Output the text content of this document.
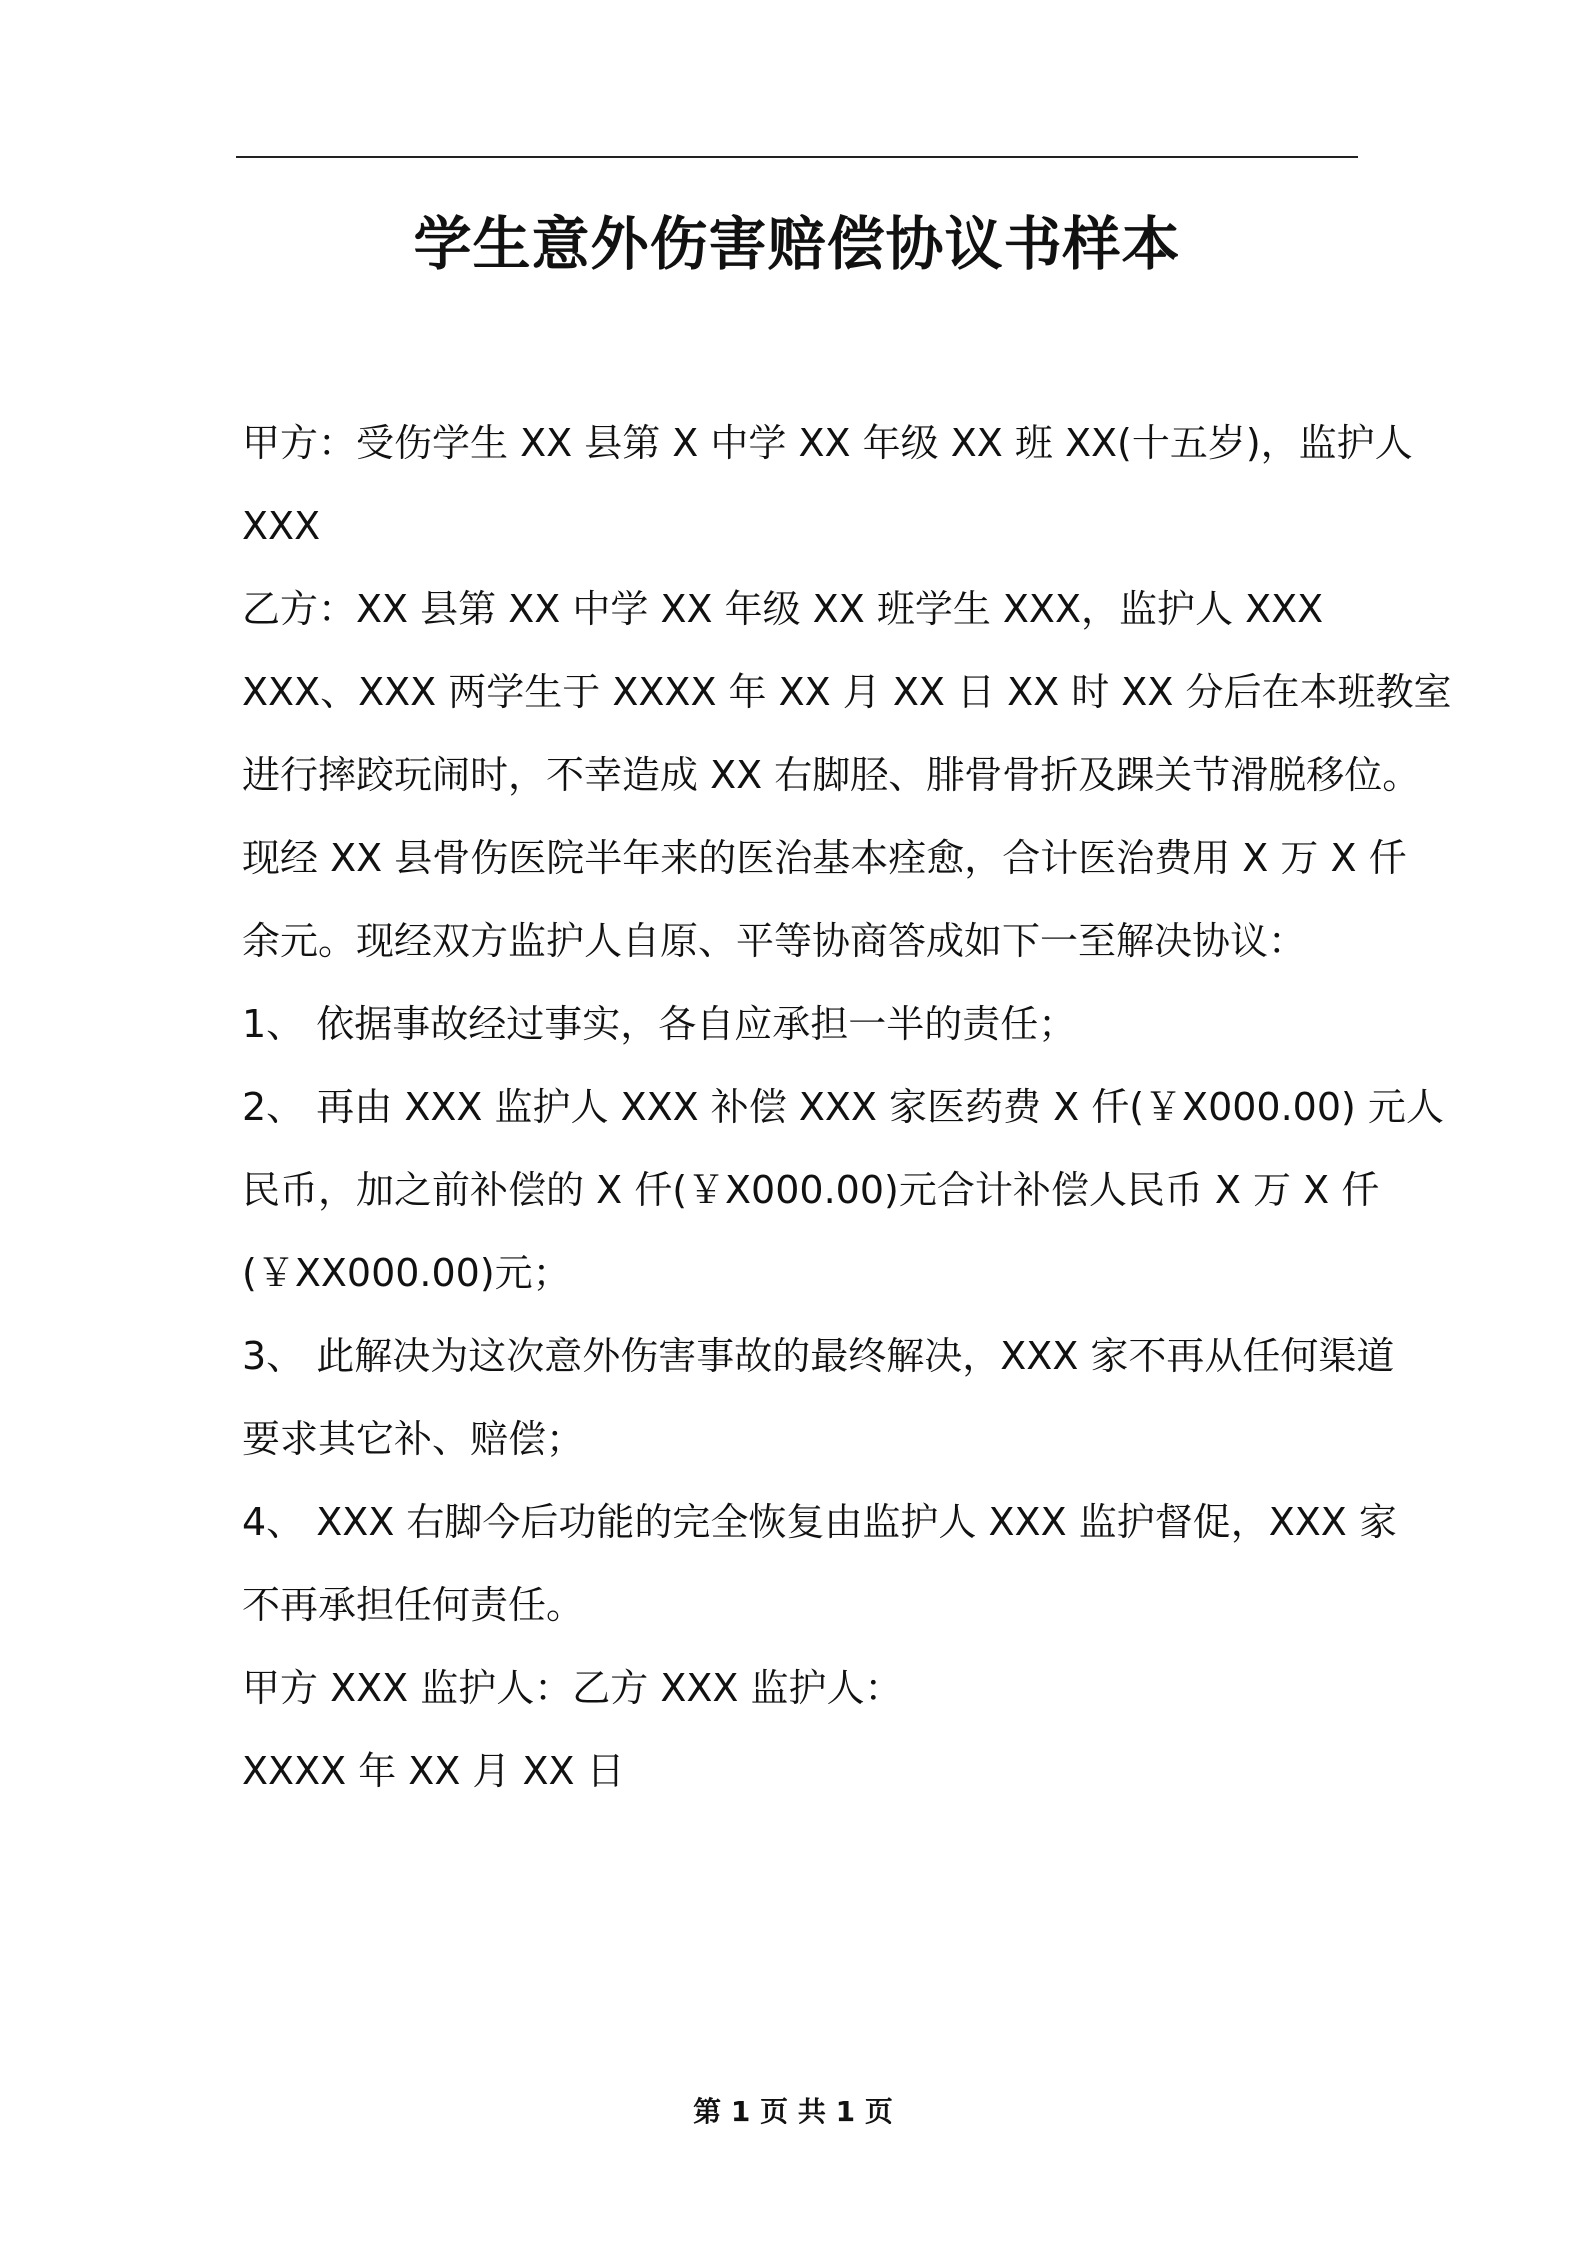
学生意外伤害赔偿协议书样本
甲方：受伤学生 XX 县第 X 中学 XX 年级 XX 班 XX(十五岁)，监护人
XXX
乙方：XX 县第 XX 中学 XX 年级 XX 班学生 XXX，监护人 XXX
XXX、XXX 两学生于 XXXX 年 XX 月 XX 日 XX 时 XX 分后在本班教室
进行摔跤玩闹时，不幸造成 XX 右脚胫、腓骨骨折及踝关节滑脱移位。
现经 XX 县骨伤医院半年来的医治基本痊愈，合计医治费用 X 万 X 仟
余元。现经双方监护人自原、平等协商答成如下一至解决协议：
1、 依据事故经过事实，各自应承担一半的责任；
2、 再由 XXX 监护人 XXX 补偿 XXX 家医药费 X 仟(￥X000.00) 元人
民币，加之前补偿的 X 仟(￥X000.00)元合计补偿人民币 X 万 X 仟
(￥XX000.00)元；
3、 此解决为这次意外伤害事故的最终解决，XXX 家不再从任何渠道
要求其它补、赔偿；
4、 XXX 右脚今后功能的完全恢复由监护人 XXX 监护督促，XXX 家
不再承担任何责任。
甲方 XXX 监护人：乙方 XXX 监护人：
XXXX 年 XX 月 XX 日
第 1 页 共 1 页
